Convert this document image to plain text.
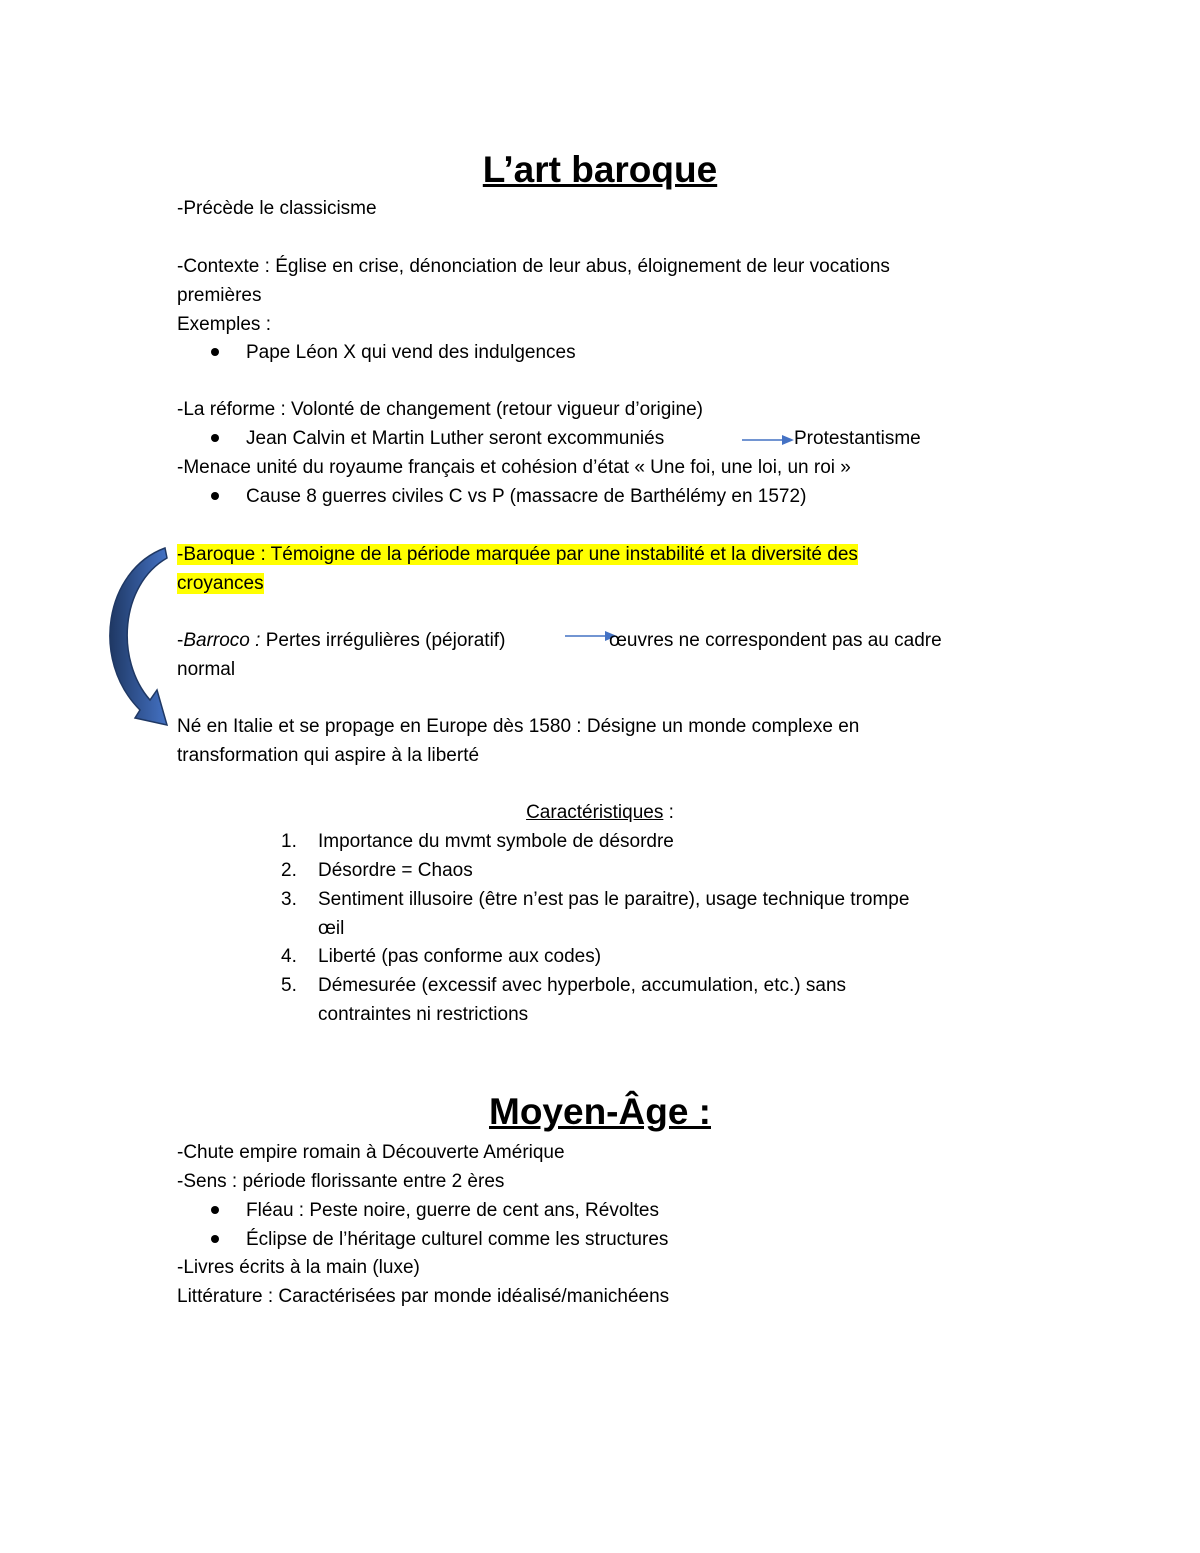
L’art baroque
-Précède le classicisme
-Contexte : Église en crise, dénonciation de leur abus, éloignement de leur vocations
premières
Exemples :
Pape Léon X qui vend des indulgences
-La réforme : Volonté de changement (retour vigueur d’origine)
Jean Calvin et Martin Luther seront excommuniés	Protestantisme
-Menace unité du royaume français et cohésion d’état « Une foi, une loi, un roi »
Cause 8 guerres civiles C vs P (massacre de Barthélémy en 1572)
-Baroque : Témoigne de la période marquée par une instabilité et la diversité des
croyances
-Barroco : Pertes irrégulières (péjoratif)	œuvres ne correspondent pas au cadre
normal
Né en Italie et se propage en Europe dès 1580 : Désigne un monde complexe en
transformation qui aspire à la liberté
Caractéristiques :
1. Importance du mvmt symbole de désordre
2. Désordre = Chaos
3. Sentiment illusoire (être n’est pas le paraitre), usage technique trompe
œil
4. Liberté (pas conforme aux codes)
5. Démesurée (excessif avec hyperbole, accumulation, etc.) sans
contraintes ni restrictions
Moyen-Âge :
-Chute empire romain à Découverte Amérique
-Sens : période florissante entre 2 ères
Fléau : Peste noire, guerre de cent ans, Révoltes
Éclipse de l’héritage culturel comme les structures
-Livres écrits à la main (luxe)
Littérature : Caractérisées par monde idéalisé/manichéens
